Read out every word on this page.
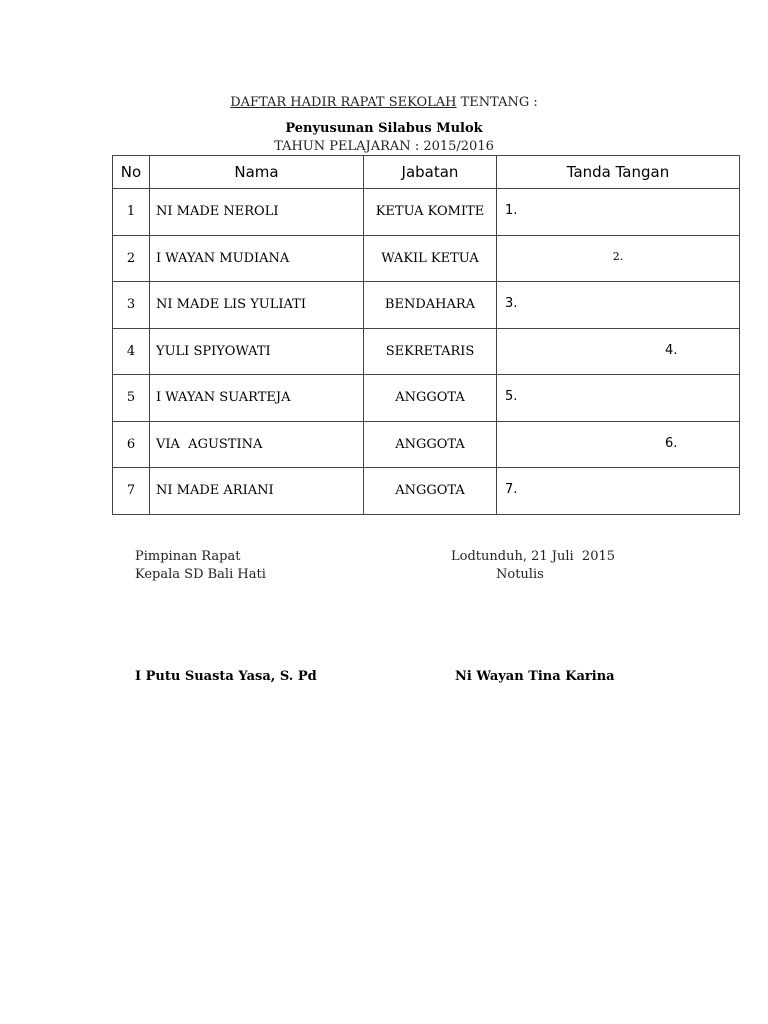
DAFTAR HADIR RAPAT SEKOLAH TENTANG :
Penyusunan Silabus Mulok
TAHUN PELAJARAN : 2015/2016
No	Nama	Jabatan	Tanda Tangan
1	NI MADE NEROLI	KETUA KOMITE	1.

2	I WAYAN MUDIANA	WAKIL KETUA	2.

3	NI MADE LIS YULIATI	BENDAHARA	3.

4	YULI SPIYOWATI	SEKRETARIS	4.

5	I WAYAN SUARTEJA	ANGGOTA	5.

6	VIA  AGUSTINA	ANGGOTA	6.

7	NI MADE ARIANI	ANGGOTA	7.
Pimpinan Rapat
Kepala SD Bali Hati
I Putu Suasta Yasa, S. Pd
Lodtunduh, 21 Juli  2015
Notulis
Ni Wayan Tina Karina
